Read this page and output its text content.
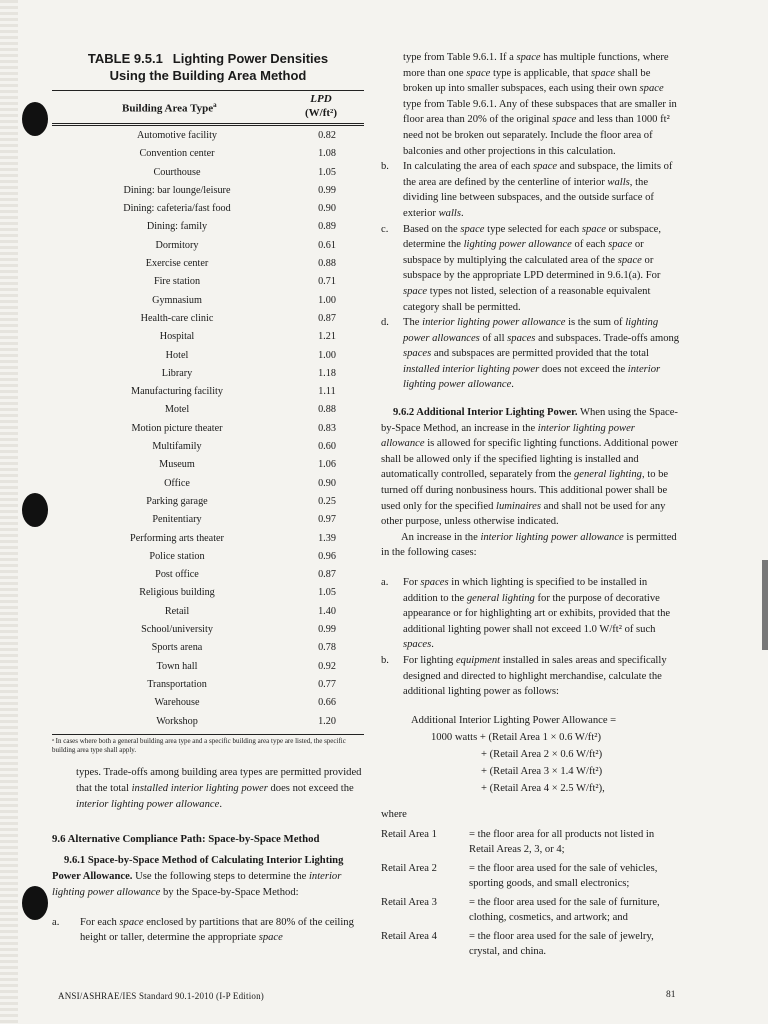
TABLE 9.5.1 Lighting Power Densities
Using the Building Area Method
Building Area Type$^a$	LPD
(W/ft²)
Automotive facility	0.82
Convention center	1.08
Courthouse	1.05
Dining: bar lounge/leisure	0.99
Dining: cafeteria/fast food	0.90
Dining: family	0.89
Dormitory	0.61
Exercise center	0.88
Fire station	0.71
Gymnasium	1.00
Health-care clinic	0.87
Hospital	1.21
Hotel	1.00
Library	1.18
Manufacturing facility	1.11
Motel	0.88
Motion picture theater	0.83
Multifamily	0.60
Museum	1.06
Office	0.90
Parking garage	0.25
Penitentiary	0.97
Performing arts theater	1.39
Police station	0.96
Post office	0.87
Religious building	1.05
Retail	1.40
School/university	0.99
Sports arena	0.78
Town hall	0.92
Transportation	0.77
Warehouse	0.66
Workshop	1.20
ᵃ In cases where both a general building area type and a specific building area type are listed, the specific building area type shall apply.
types. Trade-offs among building area types are permitted provided that the total installed interior lighting power does not exceed the interior lighting power allowance.
9.6 Alternative Compliance Path: Space-by-Space Method
9.6.1 Space-by-Space Method of Calculating Interior Lighting Power Allowance. Use the following steps to determine the interior lighting power allowance by the Space-by-Space Method:
a. For each space enclosed by partitions that are 80% of the ceiling height or taller, determine the appropriate space
type from Table 9.6.1. If a space has multiple functions, where more than one space type is applicable, that space shall be broken up into smaller subspaces, each using their own space type from Table 9.6.1. Any of these subspaces that are smaller in floor area than 20% of the original space and less than 1000 ft² need not be broken out separately. Include the floor area of balconies and other projections in this calculation.
b. In calculating the area of each space and subspace, the limits of the area are defined by the centerline of interior walls, the dividing line between subspaces, and the outside surface of exterior walls.
c. Based on the space type selected for each space or subspace, determine the lighting power allowance of each space or subspace by multiplying the calculated area of the space or subspace by the appropriate LPD determined in 9.6.1(a). For space types not listed, selection of a reasonable equivalent category shall be permitted.
d. The interior lighting power allowance is the sum of lighting power allowances of all spaces and subspaces. Trade-offs among spaces and subspaces are permitted provided that the total installed interior lighting power does not exceed the interior lighting power allowance.
9.6.2 Additional Interior Lighting Power. When using the Space-by-Space Method, an increase in the interior lighting power allowance is allowed for specific lighting functions. Additional power shall be allowed only if the specified lighting is installed and automatically controlled, separately from the general lighting, to be turned off during nonbusiness hours. This additional power shall be used only for the specified luminaires and shall not be used for any other purpose, unless otherwise indicated.
An increase in the interior lighting power allowance is permitted in the following cases:
a. For spaces in which lighting is specified to be installed in addition to the general lighting for the purpose of decorative appearance or for highlighting art or exhibits, provided that the additional lighting power shall not exceed 1.0 W/ft² of such spaces.
b. For lighting equipment installed in sales areas and specifically designed and directed to highlight merchandise, calculate the additional lighting power as follows:
Additional Interior Lighting Power Allowance =
1000 watts + (Retail Area 1 × 0.6 W/ft²)
+ (Retail Area 2 × 0.6 W/ft²)
+ (Retail Area 3 × 1.4 W/ft²)
+ (Retail Area 4 × 2.5 W/ft²),
where
Retail Area 1	= the floor area for all products not listed in Retail Areas 2, 3, or 4;
Retail Area 2	= the floor area used for the sale of vehicles, sporting goods, and small electronics;
Retail Area 3	= the floor area used for the sale of furniture, clothing, cosmetics, and artwork; and
Retail Area 4	= the floor area used for the sale of jewelry, crystal, and china.
ANSI/ASHRAE/IES Standard 90.1-2010 (I-P Edition)	81
